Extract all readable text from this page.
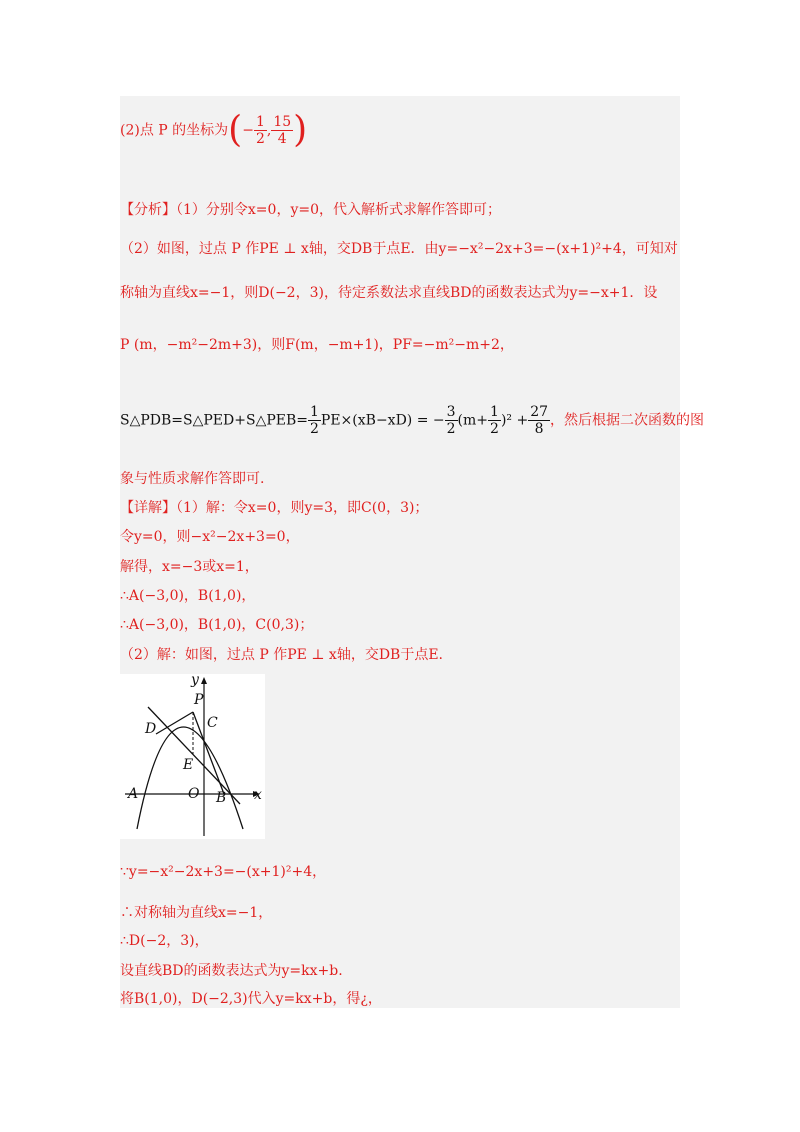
(2)点 P 的坐标为(− $\frac{1}{2}$ , $\frac{15}{4}$ )
【分析】（1）分别令x=0，y=0，代入解析式求解作答即可；
（2）如图，过点 P 作PE ⊥ x轴，交DB于点E．由y=−x²−2x+3=−(x+1)²+4，可知对
称轴为直线x=−1，则D(−2，3)，待定系数法求直线BD的函数表达式为y=−x+1．设
P (m，−m²−2m+3)，则F(m，−m+1)，PF=−m²−m+2，
S△PDB=S△PED+S△PEB= $\frac{1}{2} PE\times(xB-xD)$ = − $\frac{3}{2} (m+ \frac{1}{2} )^2 + \frac{27}{8}$ ，然后根据二次函数的图
象与性质求解作答即可.
【详解】（1）解：令x=0，则y=3，即C(0，3)；
令y=0，则−x²−2x+3=0，
解得，x=−3或x=1，
∴A(−3,0)，B(1,0)，
∴A(−3,0)，B(1,0)，C(0,3)；
（2）解：如图，过点 P 作PE ⊥ x轴，交DB于点E.
y
x
P
C
D
E
A	O B
∵y=−x²−2x+3=−(x+1)²+4，
∴对称轴为直线x=−1，
∴D(−2，3)，
设直线BD的函数表达式为y=kx+b.
将B(1,0)，D(−2,3)代入y=kx+b，得¿，
